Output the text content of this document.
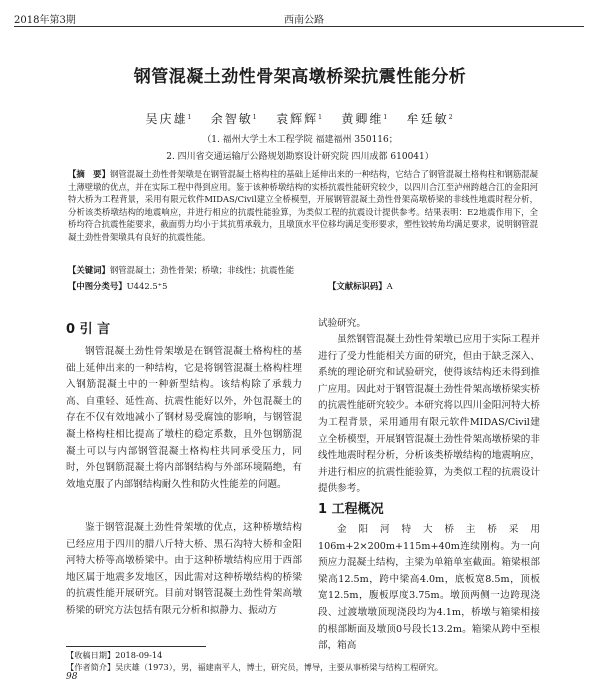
2018年第3期	西南公路
钢管混凝土劲性骨架高墩桥梁抗震性能分析
吴庆雄$^1$ 余智敏$^1$ 袁辉辉$^1$ 黄卿维$^1$ 牟廷敏$^2$
（1. 福州大学土木工程学院 福建福州 350116；
2. 四川省交通运输厅公路规划勘察设计研究院 四川成都 610041）
【摘　要】钢管混凝土劲性骨架墩是在钢管混凝土格构柱的基础上延伸出来的一种结构，它结合了钢管混凝土格构柱和钢筋混凝土薄壁墩的优点，并在实际工程中得到应用。鉴于该种桥墩结构的实桥抗震性能研究较少，以四川合江至泸州跨越合江的金阳河特大桥为工程背景，采用有限元软件MIDAS/Civil建立全桥模型，开展钢管混凝土劲性骨架高墩桥梁的非线性地震时程分析，分析该类桥墩结构的地震响应，并进行相应的抗震性能验算，为类似工程的抗震设计提供参考。结果表明：E2地震作用下，全桥均符合抗震性能要求，截面剪力均小于其抗剪承载力，且墩顶水平位移均满足变形要求，塑性铰转角均满足要求，说明钢管混凝土劲性骨架墩具有良好的抗震性能。
【关键词】钢管混凝土；劲性骨架；桥墩；非线性；抗震性能
【中图分类号】U442.5⁺5	【文献标识码】A
0 引 言

钢管混凝土劲性骨架墩是在钢管混凝土格构柱的基础上延伸出来的一种结构，它是将钢管混凝土格构柱埋入钢筋混凝土中的一种新型结构。该结构除了承载力高、自重轻、延性高、抗震性能好以外，外包混凝土的存在不仅有效地减小了钢材易受腐蚀的影响，与钢管混凝土格构柱相比提高了墩柱的稳定系数，且外包钢筋混凝土可以与内部钢管混凝土格构柱共同承受压力，同时，外包钢筋混凝土将内部钢结构与外部环境隔绝，有效地克服了内部钢结构耐久性和防火性能差的问题。

鉴于钢管混凝土劲性骨架墩的优点，这种桥墩结构已经应用于四川的腊八斤特大桥、黑石沟特大桥和金阳河特大桥等高墩桥梁中。由于这种桥墩结构应用于西部地区属于地震多发地区，因此需对这种桥墩结构的桥梁的抗震性能开展研究。目前对钢管混凝土劲性骨架高墩桥梁的研究方法包括有限元分析和拟静力、振动方

试验研究。

虽然钢管混凝土劲性骨架墩已应用于实际工程并进行了受力性能相关方面的研究，但由于缺乏深入、系统的理论研究和试验研究，使得该结构还未得到推广应用。因此对于钢管混凝土劲性骨架高墩桥梁实桥的抗震性能研究较少。本研究将以四川金阳河特大桥为工程背景，采用通用有限元软件MIDAS/Civil建立全桥模型，开展钢管混凝土劲性骨架高墩桥梁的非线性地震时程分析，分析该类桥墩结构的地震响应，并进行相应的抗震性能验算，为类似工程的抗震设计提供参考。

1 工程概况

金阳河特大桥主桥采用106m+2×200m+115m+40m连续刚构。为一向预应力混凝土结构，主梁为单箱单室截面。箱梁根部梁高12.5m，跨中梁高4.0m，底板宽8.5m，顶板宽12.5m，腹板厚度3.75m。墩顶两侧一边跨现浇段、过渡墩墩顶现浇段均为4.1m，桥墩与箱梁相接的根部断面及墩顶0号段长13.2m。箱梁从跨中至根部，箱高

【收稿日期】2018-09-14
【作者简介】吴庆雄（1973），男，福建南平人，博士，研究员，博导，主要从事桥梁与结构工程研究。
98
